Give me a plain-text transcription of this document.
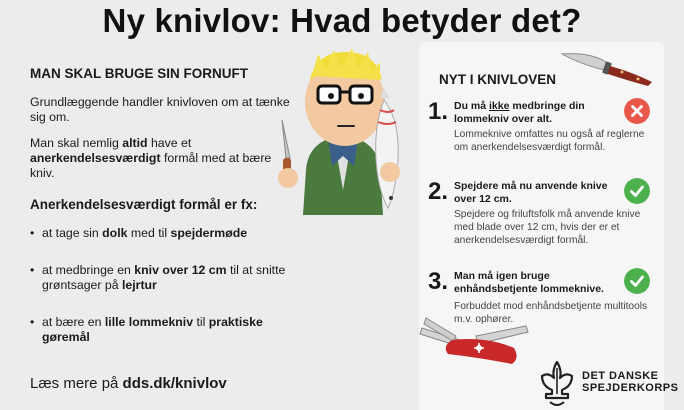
Ny knivlov: Hvad betyder det?
MAN SKAL BRUGE SIN FORNUFT
Grundlæggende handler knivloven om at tænke sig om.
Man skal nemlig altid have et anerkendelsesværdigt formål med at bære kniv.
Anerkendelsesværdigt formål er fx:
• at tage sin dolk med til spejdermøde
• at medbringe en kniv over 12 cm til at snitte grøntsager på lejrtur
• at bære en lille lommekniv til praktiske gøremål
Læs mere på dds.dk/knivlov
NYT I KNIVLOVEN
1. Du må ikke medbringe din lommekniv over alt.
Lommeknive omfattes nu også af reglerne om anerkendelsesværdigt formål.
2. Spejdere må nu anvende knive over 12 cm.
Spejdere og friluftsfolk må anvende knive med blade over 12 cm, hvis der er et anerkendelsesværdigt formål.
3. Man må igen bruge enhåndsbetjente lommeknive.
Forbuddet mod enhåndsbetjente multitools m.v. ophører.
DET DANSKE
SPEJDERKORPS
